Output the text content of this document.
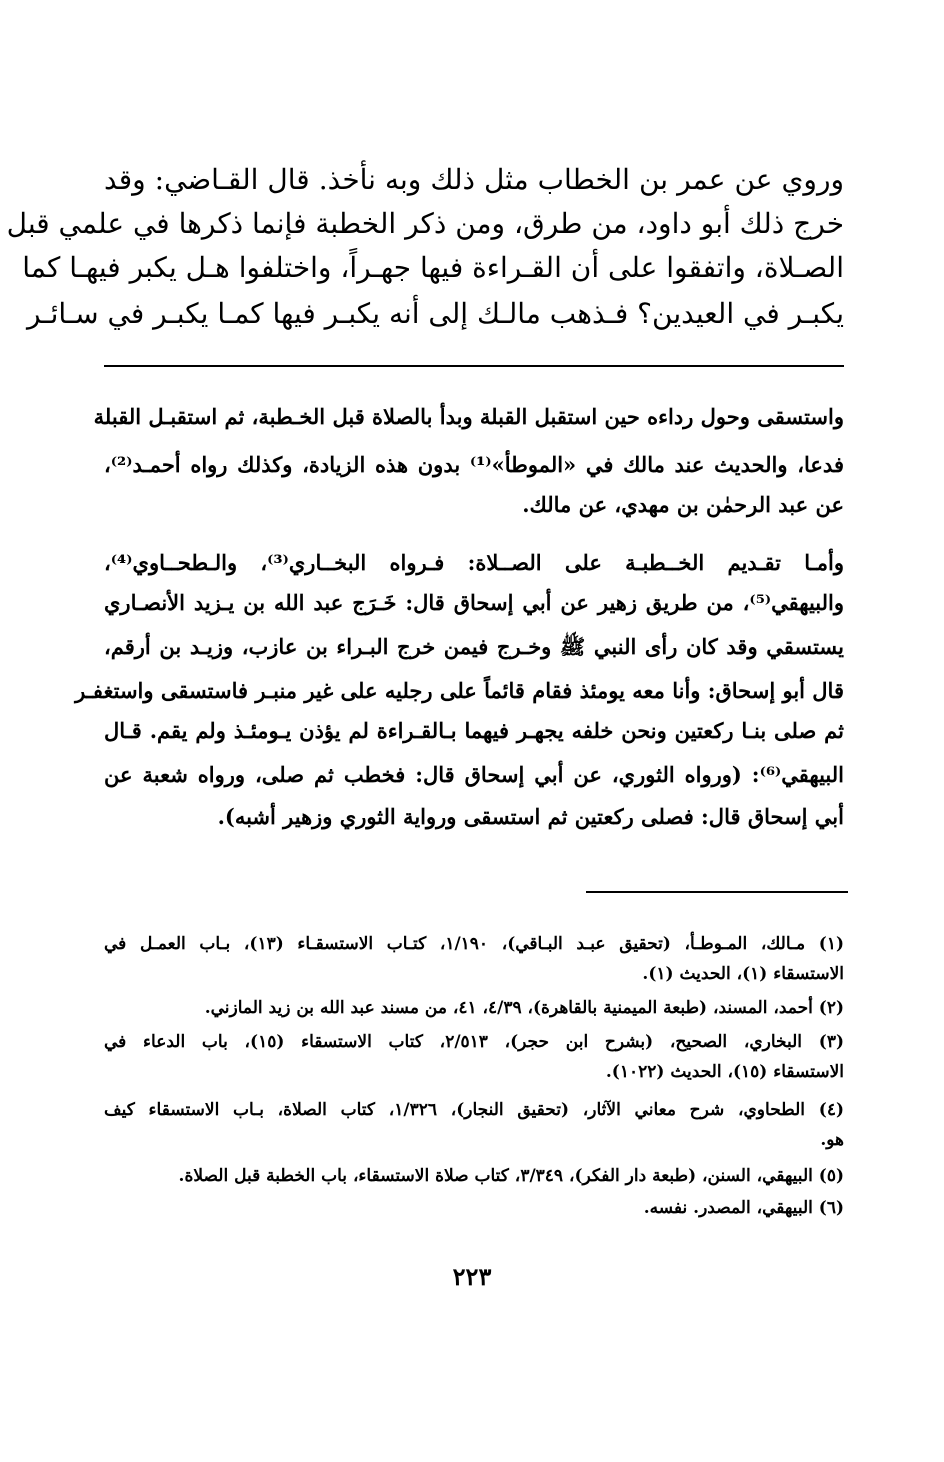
وروي عن عمر بن الخطاب مثل ذلك وبه نأخذ. قال القـاضي: وقد
خرج ذلك أبو داود، من طرق، ومن ذكر الخطبة فإنما ذكرها في علمي قبل
الصـلاة، واتفقوا على أن القـراءة فيها جهـراً، واختلفوا هـل يكبر فيهـا كما
يكبـر في العيدين؟ فـذهب مالـك إلى أنه يكبـر فيها كمـا يكبـر في سـائـر
واستسقى وحول رداءه حين استقبل القبلة وبدأ بالصلاة قبل الخـطبة، ثم استقبـل القبلة
فدعا، والحديث عند مالك في «الموطأ»⁽¹⁾ بدون هذه الزيادة، وكذلك رواه أحمـد⁽²⁾،
عن عبد الرحمٰن بن مهدي، عن مالك.
وأمـا تقـديم الخــطبـة على الصــلاة: فـرواه البخــاري⁽³⁾، والـطحــاوي⁽⁴⁾،
والبيهقي⁽⁵⁾، من طريق زهير عن أبي إسحاق قال: خَـرَج عبد الله بن يـزيد الأنصـاري
يستسقي وقد كان رأى النبي ﷺ وخـرج فيمن خرج البـراء بن عازب، وزيـد بن أرقم،
قال أبو إسحاق: وأنا معه يومئذ فقام قائماً على رجليه على غير منبـر فاستسقى واستغفـر
ثم صلى بنـا ركعتين ونحن خلفه يجهـر فيهما بـالقـراءة لم يؤذن يـومئـذ ولم يقم. قـال
البيهقي⁽⁶⁾: (ورواه الثوري، عن أبي إسحاق قال: فخطب ثم صلى، ورواه شعبة عن
أبي إسحاق قال: فصلى ركعتين ثم استسقى ورواية الثوري وزهير أشبه).
(١) مـالك، المـوطـأ، (تحقيق عبـد البـاقي)، ١/١٩٠، كتـاب الاستسقـاء (١٣)، بـاب العمـل في
الاستسقاء (١)، الحديث (١).
(٢) أحمد، المسند، (طبعة الميمنية بالقاهرة)، ٤/٣٩، ٤١، من مسند عبد الله بن زيد المازني.
(٣) البخاري، الصحيح، (بشرح ابن حجر)، ٢/٥١٣، كتاب الاستسقاء (١٥)، باب الدعاء في
الاستسقاء (١٥)، الحديث (١٠٢٢).
(٤) الطحاوي، شرح معاني الآثار، (تحقيق النجار)، ١/٣٢٦، كتاب الصلاة، بـاب الاستسقاء كيف
هو.
(٥) البيهقي، السنن، (طبعة دار الفكر)، ٣/٣٤٩، كتاب صلاة الاستسقاء، باب الخطبة قبل الصلاة.
(٦) البيهقي، المصدر. نفسه.
٢٢٣
